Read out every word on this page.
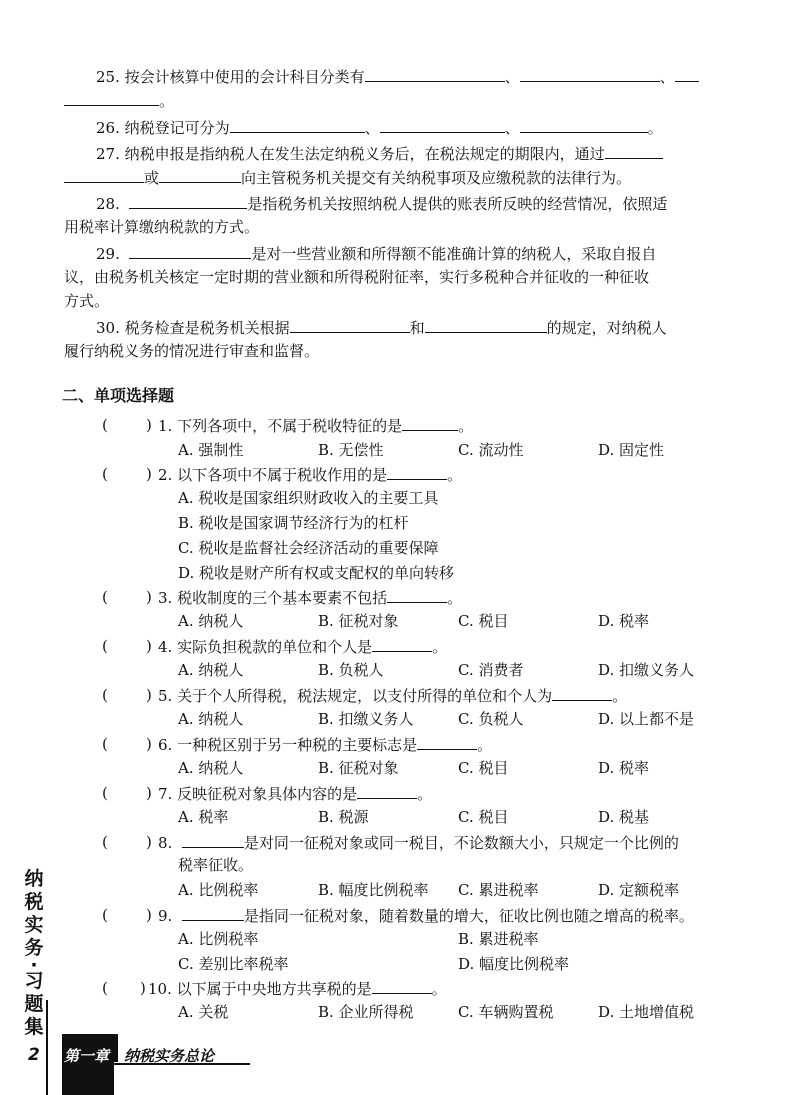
25. 按会计核算中使用的会计科目分类有	、	、
。
26. 纳税登记可分为	、	、	。
27. 纳税申报是指纳税人在发生法定纳税义务后，在税法规定的期限内，通过
或	向主管税务机关提交有关纳税事项及应缴税款的法律行为。
28.	是指税务机关按照纳税人提供的账表所反映的经营情况，依照适
用税率计算缴纳税款的方式。
29.	是对一些营业额和所得额不能准确计算的纳税人，采取自报自
议，由税务机关核定一定时期的营业额和所得税附征率，实行多税种合并征收的一种征收
方式。
30. 税务检查是税务机关根据	和	的规定，对纳税人
履行纳税义务的情况进行审查和监督。
二、单项选择题
(	) 1. 下列各项中，不属于税收特征的是	。
A. 强制性	B. 无偿性	C. 流动性	D. 固定性
(	) 2. 以下各项中不属于税收作用的是	。
A. 税收是国家组织财政收入的主要工具
B. 税收是国家调节经济行为的杠杆
C. 税收是监督社会经济活动的重要保障
D. 税收是财产所有权或支配权的单向转移
(	) 3. 税收制度的三个基本要素不包括	。
A. 纳税人	B. 征税对象	C. 税目	D. 税率
(	) 4. 实际负担税款的单位和个人是	。
A. 纳税人	B. 负税人	C. 消费者	D. 扣缴义务人
(	) 5. 关于个人所得税，税法规定，以支付所得的单位和个人为	。
A. 纳税人	B. 扣缴义务人	C. 负税人	D. 以上都不是
(	) 6. 一种税区别于另一种税的主要标志是	。
A. 纳税人	B. 征税对象	C. 税目	D. 税率
(	) 7. 反映征税对象具体内容的是	。
A. 税率	B. 税源	C. 税目	D. 税基
(	) 8.	是对同一征税对象或同一税目，不论数额大小，只规定一个比例的
税率征收。
A. 比例税率	B. 幅度比例税率 C. 累进税率	D. 定额税率
(	) 9.	是指同一征税对象，随着数量的增大，征收比例也随之增高的税率。
A. 比例税率	B. 累进税率
C. 差别比率税率	D. 幅度比例税率
( ) 10. 以下属于中央地方共享税的是	。
A. 关税	B. 企业所得税	C. 车辆购置税	D. 土地增值税
纳
税
实
务
·
习
题
集
2 第一章 纳税实务总论
